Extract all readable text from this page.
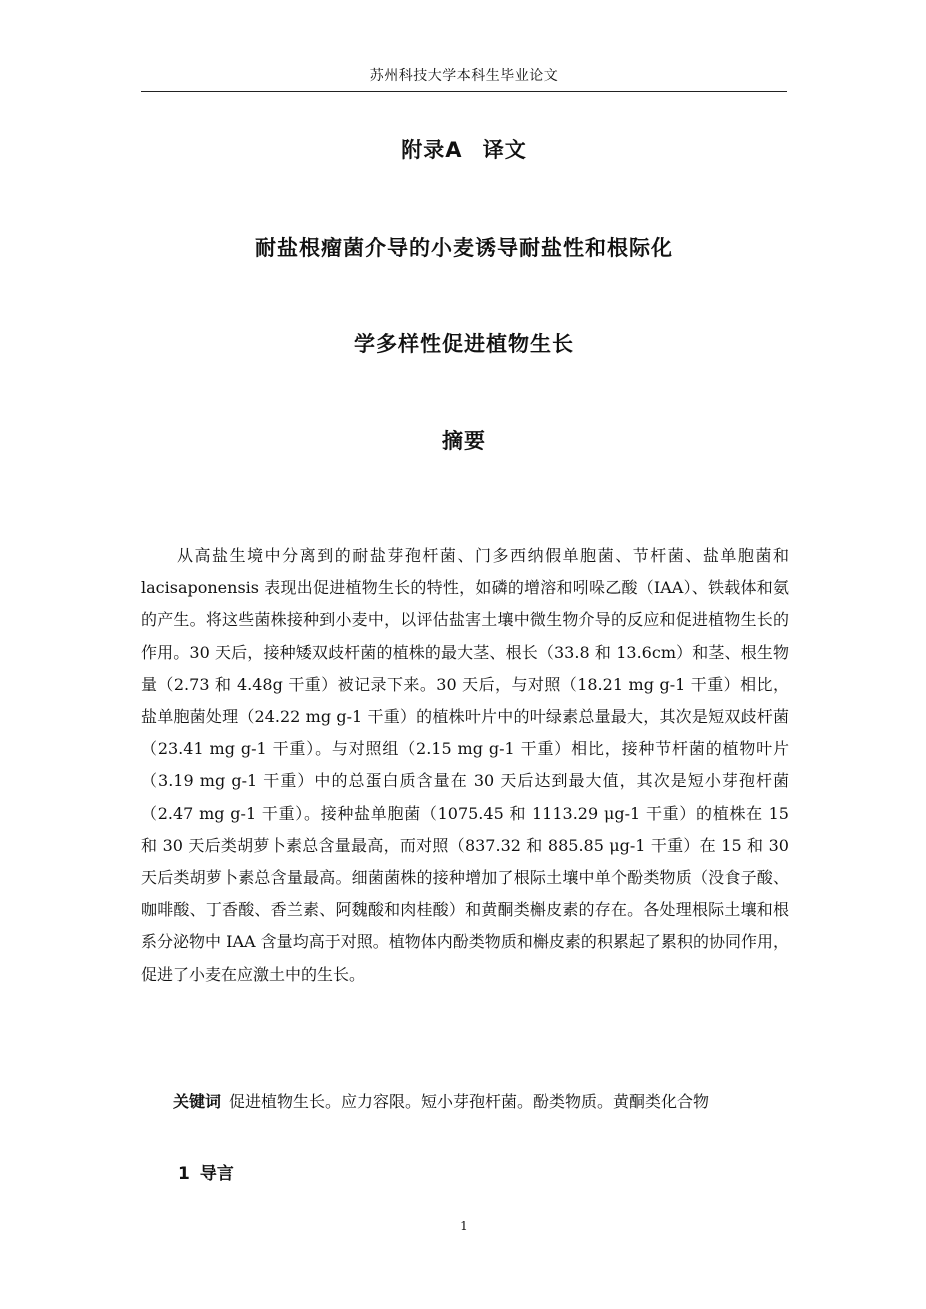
苏州科技大学本科生毕业论文
附录A 译文
耐盐根瘤菌介导的小麦诱导耐盐性和根际化
学多样性促进植物生长
摘要

从高盐生境中分离到的耐盐芽孢杆菌、门多西纳假单胞菌、节杆菌、盐单胞菌和 lacisaponensis 表现出促进植物生长的特性，如磷的增溶和吲哚乙酸（IAA）、铁载体和氨的产生。将这些菌株接种到小麦中，以评估盐害土壤中微生物介导的反应和促进植物生长的作用。30 天后，接种矮双歧杆菌的植株的最大茎、根长（33.8 和 13.6cm）和茎、根生物量（2.73 和 4.48g 干重）被记录下来。30 天后，与对照（18.21 mg g-1 干重）相比，盐单胞菌处理（24.22 mg g-1 干重）的植株叶片中的叶绿素总量最大，其次是短双歧杆菌（23.41 mg g-1 干重）。与对照组（2.15 mg g-1 干重）相比，接种节杆菌的植物叶片（3.19 mg g-1 干重）中的总蛋白质含量在 30 天后达到最大值，其次是短小芽孢杆菌（2.47 mg g-1 干重）。接种盐单胞菌（1075.45 和 1113.29 μg-1 干重）的植株在 15 和 30 天后类胡萝卜素总含量最高，而对照（837.32 和 885.85 μg-1 干重）在 15 和 30 天后类胡萝卜素总含量最高。细菌菌株的接种增加了根际土壤中单个酚类物质（没食子酸、咖啡酸、丁香酸、香兰素、阿魏酸和肉桂酸）和黄酮类槲皮素的存在。各处理根际土壤和根系分泌物中 IAA 含量均高于对照。植物体内酚类物质和槲皮素的积累起了累积的协同作用，促进了小麦在应激土中的生长。

关键词 促进植物生长。应力容限。短小芽孢杆菌。酚类物质。黄酮类化合物

1 导言
1
